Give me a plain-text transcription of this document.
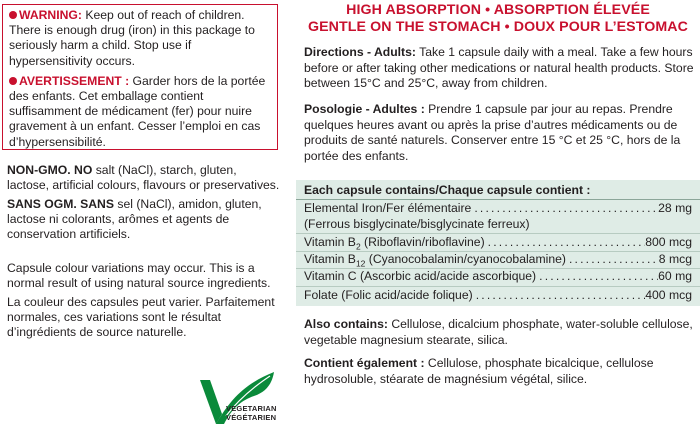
WARNING: Keep out of reach of children. There is enough drug (iron) in this package to seriously harm a child. Stop use if hypersensitivity occurs.

AVERTISSEMENT : Garder hors de la portée des enfants. Cet emballage contient suffisamment de médicament (fer) pour nuire gravement à un enfant. Cesser l’emploi en cas d’hypersensibilité.

NON-GMO. NO salt (NaCl), starch, gluten, lactose, artificial colours, flavours or preservatives.

SANS OGM. SANS sel (NaCl), amidon, gluten, lactose ni colorants, arômes et agents de conservation artificiels.

Capsule colour variations may occur. This is a normal result of using natural source ingredients.

La couleur des capsules peut varier. Parfaitement normales, ces variations sont le résultat d’ingrédients de source naturelle.

VEGETARIAN
VÉGÉTARIEN
HIGH ABSORPTION • ABSORPTION ÉLEVÉE
GENTLE ON THE STOMACH • DOUX POUR L’ESTOMAC

Directions - Adults: Take 1 capsule daily with a meal. Take a few hours before or after taking other medications or natural health products. Store between 15°C and 25°C, away from children.

Posologie - Adultes : Prendre 1 capsule par jour au repas. Prendre quelques heures avant ou après la prise d’autres médicaments ou de produits de santé naturels. Conserver entre 15 °C et 25 °C, hors de la portée des enfants.

Each capsule contains/Chaque capsule contient :
Elemental Iron/Fer élémentaire . . .	28 mg
(Ferrous bisglycinate/bisglycinate ferreux)
Vitamin $B_2$ (Riboflavin/riboflavine) . . .	800 mcg
Vitamin $B_{12}$ (Cyanocobalamin/cyanocobalamine) . . .	8 mcg
Vitamin C (Ascorbic acid/acide ascorbique) . . .	60 mg
Folate (Folic acid/acide folique) . . .	400 mcg

Also contains: Cellulose, dicalcium phosphate, water-soluble cellulose, vegetable magnesium stearate, silica.

Contient également : Cellulose, phosphate bicalcique, cellulose hydrosoluble, stéarate de magnésium végétal, silice.
